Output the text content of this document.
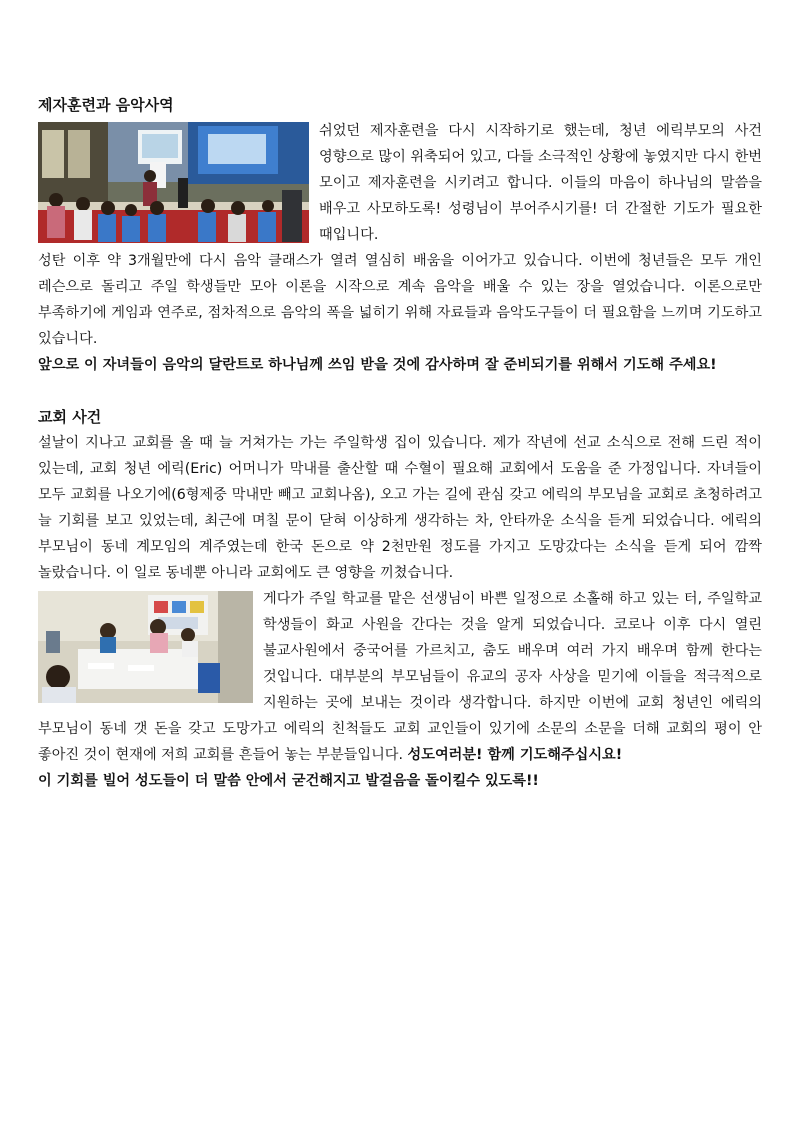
제자훈련과 음악사역

쉬었던 제자훈련을 다시 시작하기로 했는데, 청년 에릭부모의 사건 영향으로 많이 위축되어 있고, 다들 소극적인 상황에 놓였지만 다시 한번 모이고 제자훈련을 시키려고 합니다. 이들의 마음이 하나님의 말씀을 배우고 사모하도록! 성령님이 부어주시기를! 더 간절한 기도가 필요한 때입니다.

성탄 이후 약 3개월만에 다시 음악 클래스가 열려 열심히 배움을 이어가고 있습니다. 이번에 청년들은 모두 개인 레슨으로 돌리고 주일 학생들만 모아 이론을 시작으로 계속 음악을 배울 수 있는 장을 열었습니다. 이론으로만 부족하기에 게임과 연주로, 점차적으로 음악의 폭을 넓히기 위해 자료들과 음악도구들이 더 필요함을 느끼며 기도하고 있습니다.

앞으로 이 자녀들이 음악의 달란트로 하나님께 쓰임 받을 것에 감사하며 잘 준비되기를 위해서 기도해 주세요!

교회 사건

설날이 지나고 교회를 올 때 늘 거쳐가는 가는 주일학생 집이 있습니다. 제가 작년에 선교 소식으로 전해 드린 적이 있는데, 교회 청년 에릭(Eric) 어머니가 막내를 출산할 때 수혈이 필요해 교회에서 도움을 준 가정입니다. 자녀들이 모두 교회를 나오기에(6형제중 막내만 빼고 교회나옴), 오고 가는 길에 관심 갖고 에릭의 부모님을 교회로 초청하려고 늘 기회를 보고 있었는데, 최근에 며칠 문이 닫혀 이상하게 생각하는 차, 안타까운 소식을 듣게 되었습니다. 에릭의 부모님이 동네 계모임의 계주였는데 한국 돈으로 약 2천만원 정도를 가지고 도망갔다는 소식을 듣게 되어 깜짝 놀랐습니다. 이 일로 동네뿐 아니라 교회에도 큰 영향을 끼쳤습니다.

게다가 주일 학교를 맡은 선생님이 바쁜 일정으로 소홀해 하고 있는 터, 주일학교 학생들이 화교 사원을 간다는 것을 알게 되었습니다. 코로나 이후 다시 열린 불교사원에서 중국어를 가르치고, 춤도 배우며 여러 가지 배우며 함께 한다는 것입니다. 대부분의 부모님들이 유교의 공자 사상을 믿기에 이들을 적극적으로 지원하는 곳에 보내는 것이라 생각합니다. 하지만 이번에 교회 청년인 에릭의 부모님이 동네 갯 돈을 갖고 도망가고 에릭의 친척들도 교회 교인들이 있기에 소문의 소문을 더해 교회의 평이 안 좋아진 것이 현재에 저희 교회를 흔들어 놓는 부분들입니다. 성도여러분! 함께 기도해주십시요!

이 기회를 빌어 성도들이 더 말씀 안에서 굳건해지고 발걸음을 돌이킬수 있도록!!
